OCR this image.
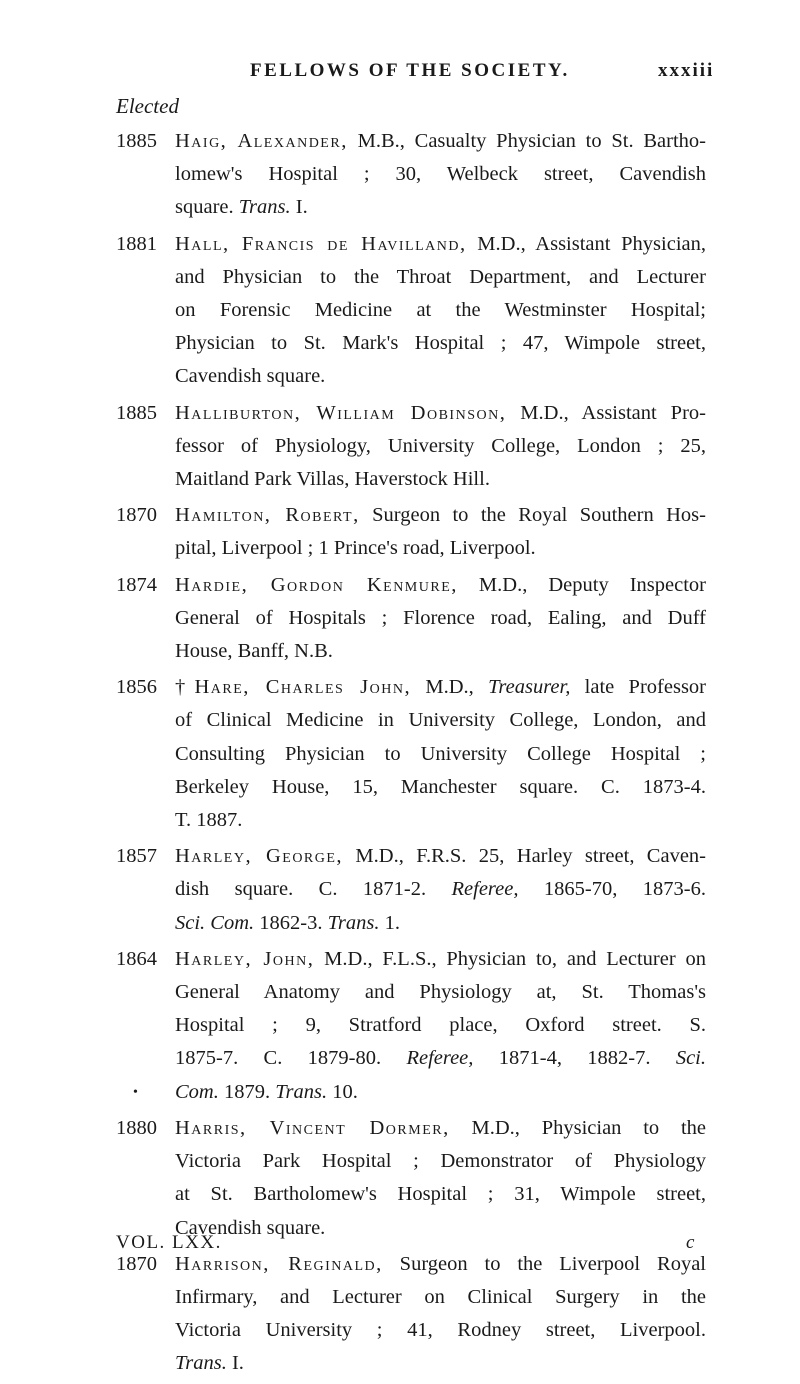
FELLOWS OF THE SOCIETY.	xxxiii
Elected
1885 Haig, Alexander, M.B., Casualty Physician to St. Bartho-
lomew's Hospital ; 30, Welbeck street, Cavendish
square. Trans. I.
1881 Hall, Francis de Havilland, M.D., Assistant Physician,
and Physician to the Throat Department, and Lecturer
on Forensic Medicine at the Westminster Hospital;
Physician to St. Mark's Hospital ; 47, Wimpole street,
Cavendish square.
1885 Halliburton, William Dobinson, M.D., Assistant Pro-
fessor of Physiology, University College, London ; 25,
Maitland Park Villas, Haverstock Hill.
1870 Hamilton, Robert, Surgeon to the Royal Southern Hos-
pital, Liverpool ; 1 Prince's road, Liverpool.
1874 Hardie, Gordon Kenmure, M.D., Deputy Inspector
General of Hospitals ; Florence road, Ealing, and Duff
House, Banff, N.B.
1856 †Hare, Charles John, M.D., Treasurer, late Professor
of Clinical Medicine in University College, London, and
Consulting Physician to University College Hospital ;
Berkeley House, 15, Manchester square. C. 1873-4.
T. 1887.
1857 Harley, George, M.D., F.R.S. 25, Harley street, Caven-
dish square. C. 1871-2. Referee, 1865-70, 1873-6.
Sci. Com. 1862-3. Trans. 1.
1864 Harley, John, M.D., F.L.S., Physician to, and Lecturer on
General Anatomy and Physiology at, St. Thomas's
Hospital ; 9, Stratford place, Oxford street. S.
1875-7. C. 1879-80. Referee, 1871-4, 1882-7. Sci.
• Com. 1879. Trans. 10.
1880 Harris, Vincent Dormer, M.D., Physician to the
Victoria Park Hospital ; Demonstrator of Physiology
at St. Bartholomew's Hospital ; 31, Wimpole street,
Cavendish square.
1870 Harrison, Reginald, Surgeon to the Liverpool Royal
Infirmary, and Lecturer on Clinical Surgery in the
Victoria University ; 41, Rodney street, Liverpool.
Trans. I.
VOL. LXX.	c
